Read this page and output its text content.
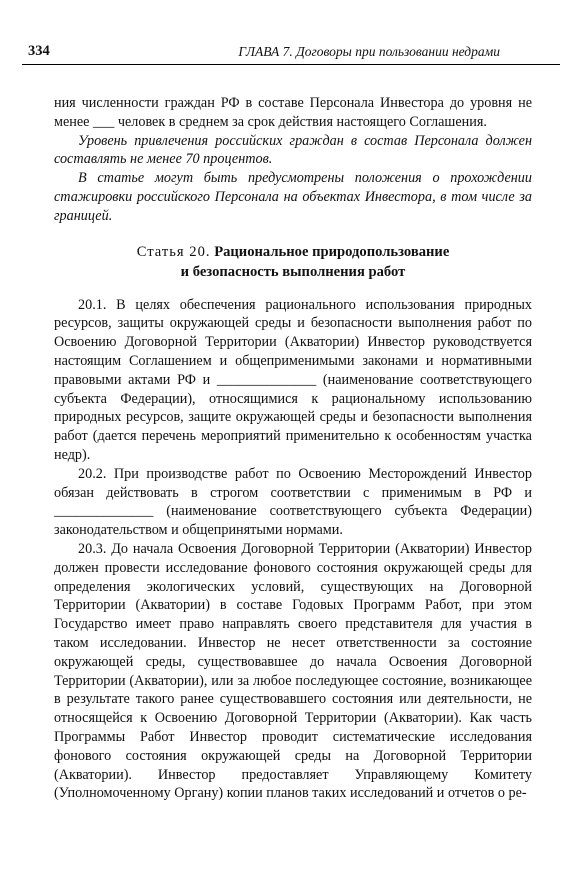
334	ГЛАВА 7. Договоры при пользовании недрами

ния численности граждан РФ в составе Персонала Инвестора до уровня не менее ___ человек в среднем за срок действия настоящего Соглашения.

Уровень привлечения российских граждан в состав Персонала должен составлять не менее 70 процентов.

В статье могут быть предусмотрены положения о прохождении стажировки российского Персонала на объектах Инвестора, в том числе за границей.

Статья 20. Рациональное природопользование
и безопасность выполнения работ

20.1. В целях обеспечения рационального использования природных ресурсов, защиты окружающей среды и безопасности выполнения работ по Освоению Договорной Территории (Акватории) Инвестор руководствуется настоящим Соглашением и общеприменимыми законами и нормативными правовыми актами РФ и ______________ (наименование соответствующего субъекта Федерации), относящимися к рациональному использованию природных ресурсов, защите окружающей среды и безопасности выполнения работ (дается перечень мероприятий применительно к особенностям участка недр).

20.2. При производстве работ по Освоению Месторождений Инвестор обязан действовать в строгом соответствии с применимым в РФ и ______________ (наименование соответствующего субъекта Федерации) законодательством и общепринятыми нормами.

20.3. До начала Освоения Договорной Территории (Акватории) Инвестор должен провести исследование фонового состояния окружающей среды для определения экологических условий, существующих на Договорной Территории (Акватории) в составе Годовых Программ Работ, при этом Государство имеет право направлять своего представителя для участия в таком исследовании. Инвестор не несет ответственности за состояние окружающей среды, существовавшее до начала Освоения Договорной Территории (Акватории), или за любое последующее состояние, возникающее в результате такого ранее существовавшего состояния или деятельности, не относящейся к Освоению Договорной Территории (Акватории). Как часть Программы Работ Инвестор проводит систематические исследования фонового состояния окружающей среды на Договорной Территории (Акватории). Инвестор предоставляет Управляющему Комитету (Уполномоченному Органу) копии планов таких исследований и отчетов о ре-
